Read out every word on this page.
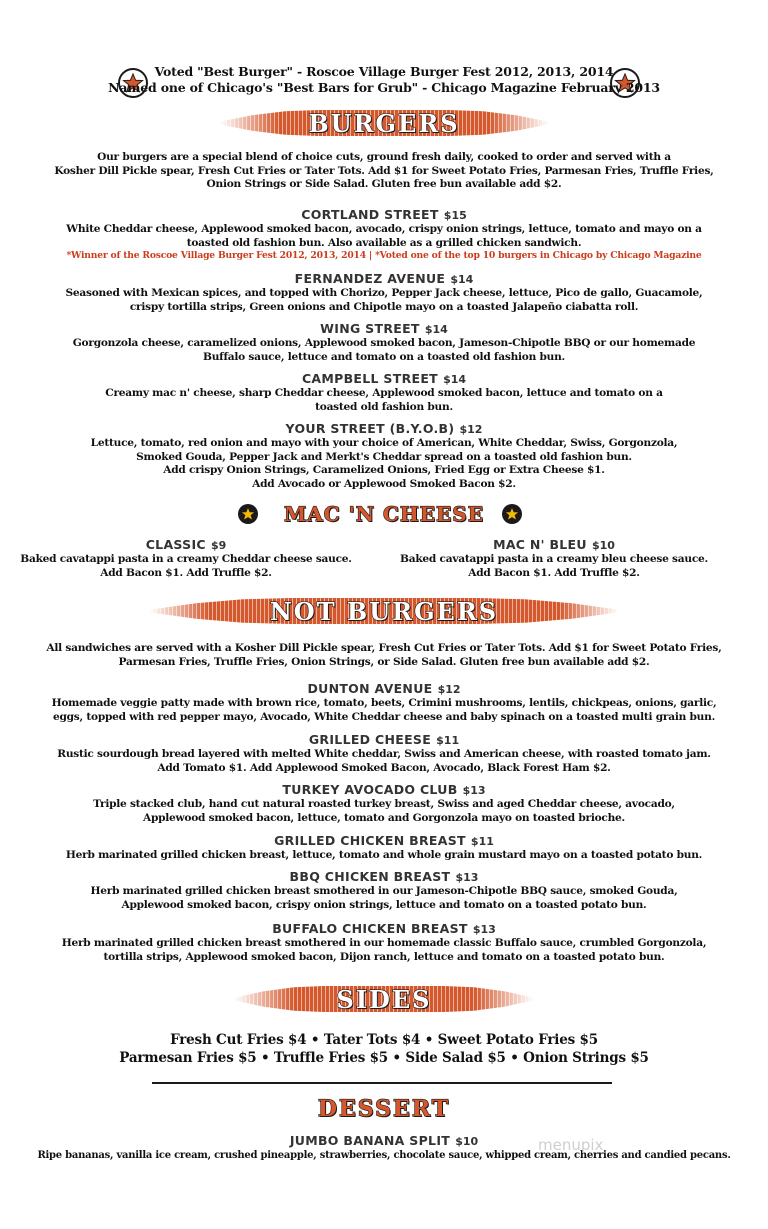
Voted "Best Burger" - Roscoe Village Burger Fest 2012, 2013, 2014
Named one of Chicago's "Best Bars for Grub" - Chicago Magazine February 2013
BURGERS
Our burgers are a special blend of choice cuts, ground fresh daily, cooked to order and served with a
Kosher Dill Pickle spear, Fresh Cut Fries or Tater Tots. Add $1 for Sweet Potato Fries, Parmesan Fries, Truffle Fries,
Onion Strings or Side Salad. Gluten free bun available add $2.
CORTLAND STREET $15
White Cheddar cheese, Applewood smoked bacon, avocado, crispy onion strings, lettuce, tomato and mayo on a
toasted old fashion bun. Also available as a grilled chicken sandwich.
*Winner of the Roscoe Village Burger Fest 2012, 2013, 2014 | *Voted one of the top 10 burgers in Chicago by Chicago Magazine
FERNANDEZ AVENUE $14
Seasoned with Mexican spices, and topped with Chorizo, Pepper Jack cheese, lettuce, Pico de gallo, Guacamole,
crispy tortilla strips, Green onions and Chipotle mayo on a toasted Jalapeño ciabatta roll.
WING STREET $14
Gorgonzola cheese, caramelized onions, Applewood smoked bacon, Jameson-Chipotle BBQ or our homemade
Buffalo sauce, lettuce and tomato on a toasted old fashion bun.
CAMPBELL STREET $14
Creamy mac n' cheese, sharp Cheddar cheese, Applewood smoked bacon, lettuce and tomato on a
toasted old fashion bun.
YOUR STREET (B.Y.O.B) $12
Lettuce, tomato, red onion and mayo with your choice of American, White Cheddar, Swiss, Gorgonzola,
Smoked Gouda, Pepper Jack and Merkt's Cheddar spread on a toasted old fashion bun.
Add crispy Onion Strings, Caramelized Onions, Fried Egg or Extra Cheese $1.
Add Avocado or Applewood Smoked Bacon $2.
MAC 'N CHEESE
CLASSIC $9
Baked cavatappi pasta in a creamy Cheddar cheese sauce.
Add Bacon $1. Add Truffle $2.
MAC N' BLEU $10
Baked cavatappi pasta in a creamy bleu cheese sauce.
Add Bacon $1. Add Truffle $2.
NOT BURGERS
All sandwiches are served with a Kosher Dill Pickle spear, Fresh Cut Fries or Tater Tots. Add $1 for Sweet Potato Fries,
Parmesan Fries, Truffle Fries, Onion Strings, or Side Salad. Gluten free bun available add $2.
DUNTON AVENUE $12
Homemade veggie patty made with brown rice, tomato, beets, Crimini mushrooms, lentils, chickpeas, onions, garlic,
eggs, topped with red pepper mayo, Avocado, White Cheddar cheese and baby spinach on a toasted multi grain bun.
GRILLED CHEESE $11
Rustic sourdough bread layered with melted White cheddar, Swiss and American cheese, with roasted tomato jam.
Add Tomato $1. Add Applewood Smoked Bacon, Avocado, Black Forest Ham $2.
TURKEY AVOCADO CLUB $13
Triple stacked club, hand cut natural roasted turkey breast, Swiss and aged Cheddar cheese, avocado,
Applewood smoked bacon, lettuce, tomato and Gorgonzola mayo on toasted brioche.
GRILLED CHICKEN BREAST $11
Herb marinated grilled chicken breast, lettuce, tomato and whole grain mustard mayo on a toasted potato bun.
BBQ CHICKEN BREAST $13
Herb marinated grilled chicken breast smothered in our Jameson-Chipotle BBQ sauce, smoked Gouda,
Applewood smoked bacon, crispy onion strings, lettuce and tomato on a toasted potato bun.
BUFFALO CHICKEN BREAST $13
Herb marinated grilled chicken breast smothered in our homemade classic Buffalo sauce, crumbled Gorgonzola,
tortilla strips, Applewood smoked bacon, Dijon ranch, lettuce and tomato on a toasted potato bun.
SIDES
Fresh Cut Fries $4 • Tater Tots $4 • Sweet Potato Fries $5
Parmesan Fries $5 • Truffle Fries $5 • Side Salad $5 • Onion Strings $5
DESSERT
JUMBO BANANA SPLIT $10
Ripe bananas, vanilla ice cream, crushed pineapple, strawberries, chocolate sauce, whipped cream, cherries and candied pecans.
menupix
